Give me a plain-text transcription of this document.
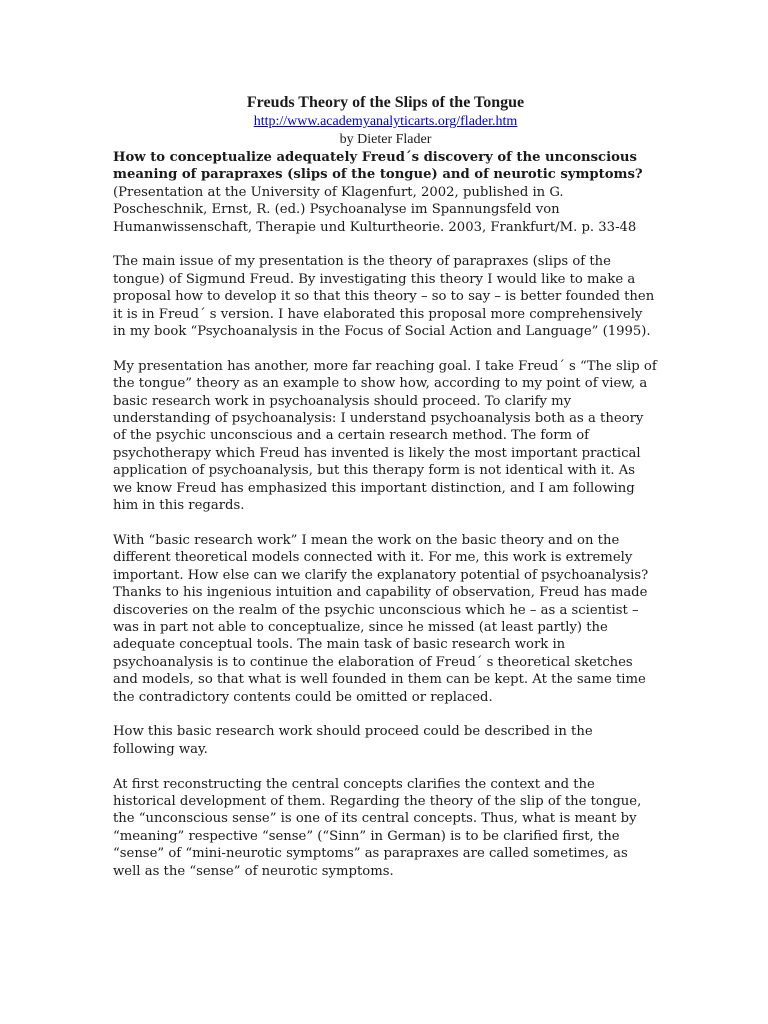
Freuds Theory of the Slips of the Tongue

http://www.academyanalyticarts.org/flader.htm

by Dieter Flader

How to conceptualize adequately Freud´s discovery of the unconscious meaning of parapraxes (slips of the tongue) and of neurotic symptoms?

(Presentation at the University of Klagenfurt, 2002, published in G. Poscheschnik, Ernst, R. (ed.) Psychoanalyse im Spannungsfeld von Humanwissenschaft, Therapie und Kulturtheorie. 2003, Frankfurt/M. p. 33-48

The main issue of my presentation is the theory of parapraxes (slips of the tongue) of Sigmund Freud. By investigating this theory I would like to make a proposal how to develop it so that this theory – so to say – is better founded then it is in Freud´ s version. I have elaborated this proposal more comprehensively in my book “Psychoanalysis in the Focus of Social Action and Language” (1995).

My presentation has another, more far reaching goal. I take Freud´ s “The slip of the tongue” theory as an example to show how, according to my point of view, a basic research work in psychoanalysis should proceed. To clarify my understanding of psychoanalysis: I understand psychoanalysis both as a theory of the psychic unconscious and a certain research method. The form of psychotherapy which Freud has invented is likely the most important practical application of psychoanalysis, but this therapy form is not identical with it. As we know Freud has emphasized this important distinction, and I am following him in this regards.

With “basic research work” I mean the work on the basic theory and on the different theoretical models connected with it. For me, this work is extremely important. How else can we clarify the explanatory potential of psychoanalysis? Thanks to his ingenious intuition and capability of observation, Freud has made discoveries on the realm of the psychic unconscious which he – as a scientist – was in part not able to conceptualize, since he missed (at least partly) the adequate conceptual tools. The main task of basic research work in psychoanalysis is to continue the elaboration of Freud´ s theoretical sketches and models, so that what is well founded in them can be kept. At the same time the contradictory contents could be omitted or replaced.

How this basic research work should proceed could be described in the following way.

At first reconstructing the central concepts clarifies the context and the historical development of them. Regarding the theory of the slip of the tongue, the “unconscious sense” is one of its central concepts. Thus, what is meant by “meaning” respective “sense” (“Sinn” in German) is to be clarified first, the “sense” of “mini-neurotic symptoms” as parapraxes are called sometimes, as well as the “sense” of neurotic symptoms.
